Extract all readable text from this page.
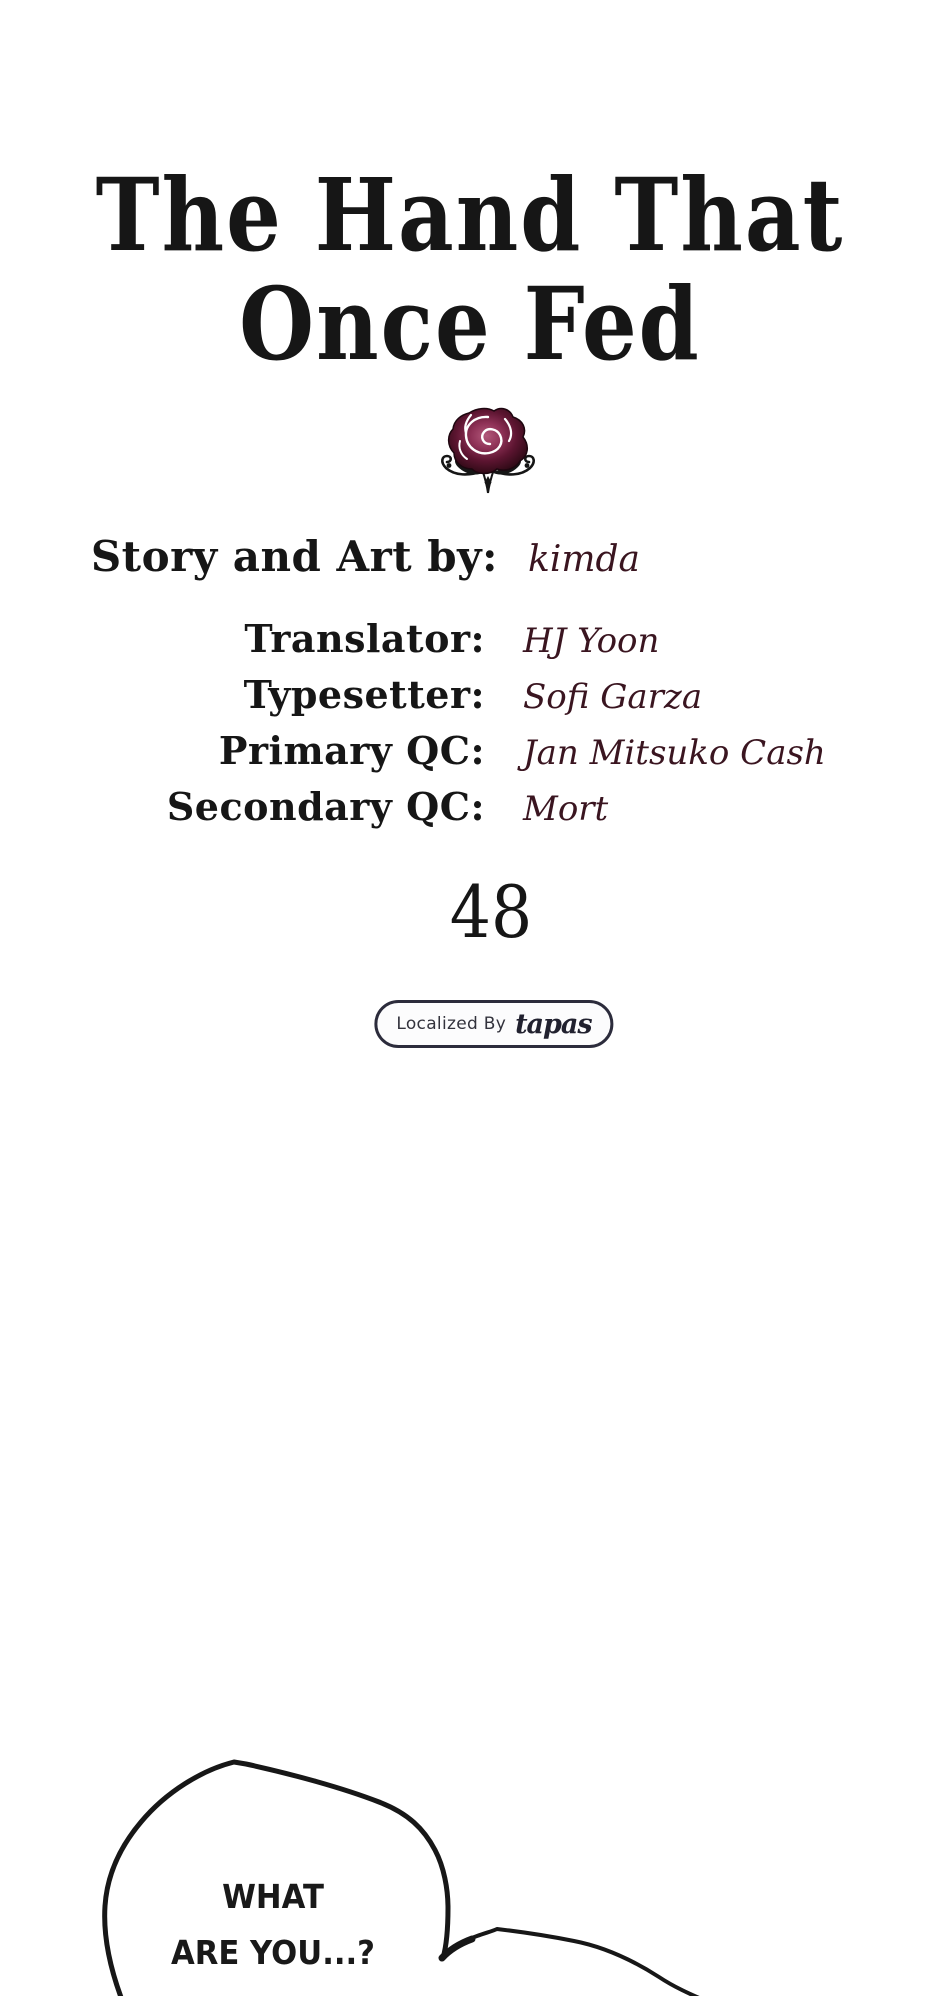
The Hand That
Once Fed
Story and Art by: kimda
Translator:	HJ Yoon
Typesetter:	Sofi Garza
Primary QC:	Jan Mitsuko Cash
Secondary QC:	Mort
48
Localized By tapas
WHAT
ARE YOU...?
